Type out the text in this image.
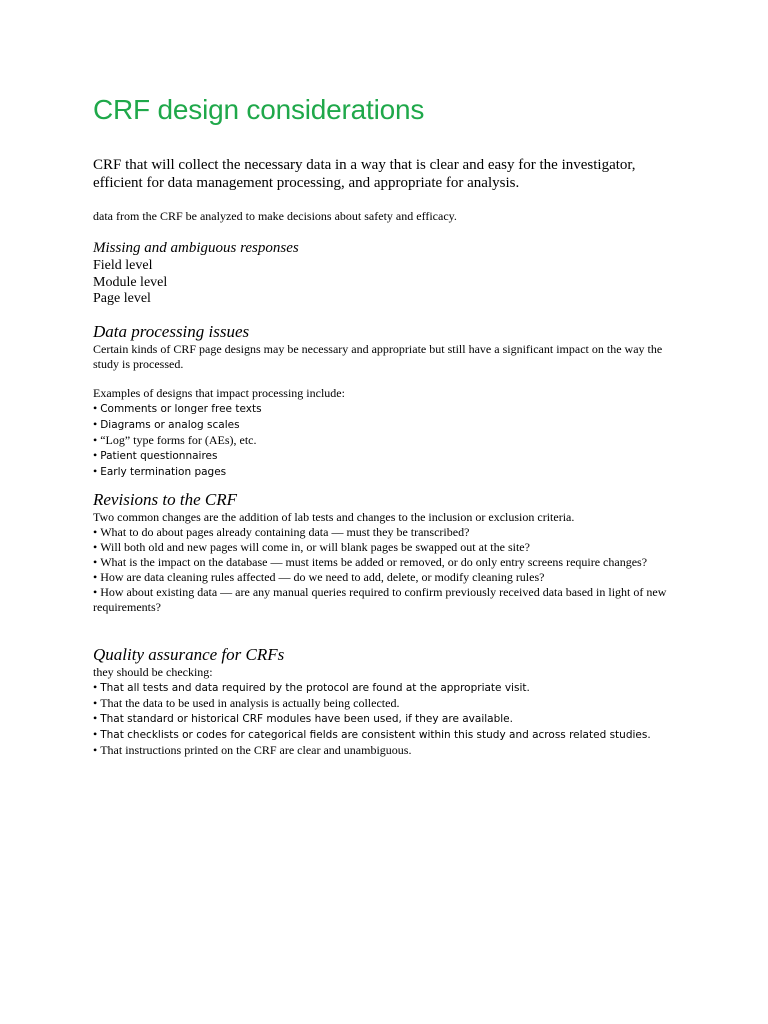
CRF design considerations

CRF that will collect the necessary data in a way that is clear and easy for the investigator, efficient for data management processing, and appropriate for analysis.

data from the CRF be analyzed to make decisions about safety and efficacy.

Missing and ambiguous responses
Field level
Module level
Page level
Data processing issues

Certain kinds of CRF page designs may be necessary and appropriate but still have a significant impact on the way the study is processed.

Examples of designs that impact processing include:

• Comments or longer free texts
• Diagrams or analog scales
• “Log” type forms for (AEs), etc.
• Patient questionnaires
• Early termination pages
Revisions to the CRF

Two common changes are the addition of lab tests and changes to the inclusion or exclusion criteria.

• What to do about pages already containing data — must they be transcribed?
• Will both old and new pages will come in, or will blank pages be swapped out at the site?
• What is the impact on the database — must items be added or removed, or do only entry screens require changes?
• How are data cleaning rules affected — do we need to add, delete, or modify cleaning rules?
• How about existing data — are any manual queries required to confirm previously received data based in light of new requirements?
Quality assurance for CRFs

they should be checking:

• That all tests and data required by the protocol are found at the appropriate visit.
• That the data to be used in analysis is actually being collected.
• That standard or historical CRF modules have been used, if they are available.
• That checklists or codes for categorical fields are consistent within this study and across related studies.
• That instructions printed on the CRF are clear and unambiguous.
